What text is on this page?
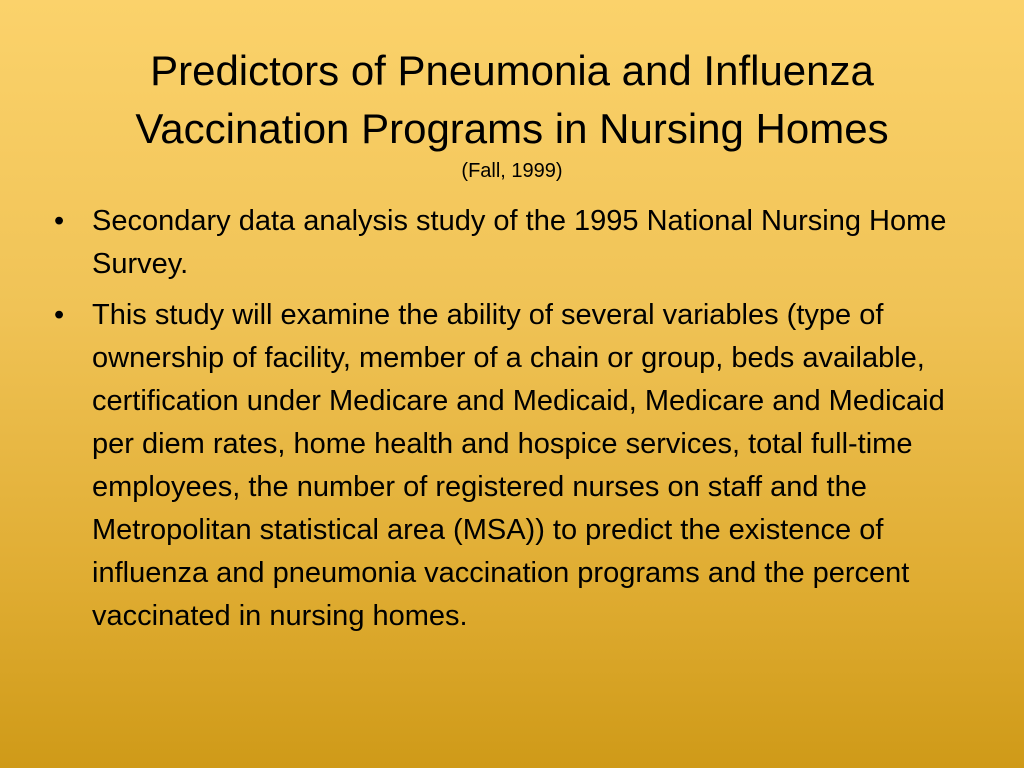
Predictors of Pneumonia and Influenza
Vaccination Programs in Nursing Homes
(Fall, 1999)
• Secondary data analysis study of the 1995 National Nursing Home Survey.
• This study will examine the ability of several variables (type of ownership of facility, member of a chain or group, beds available, certification under Medicare and Medicaid, Medicare and Medicaid per diem rates, home health and hospice services, total full-time employees, the number of registered nurses on staff and the Metropolitan statistical area (MSA)) to predict the existence of influenza and pneumonia vaccination programs and the percent vaccinated in nursing homes.
